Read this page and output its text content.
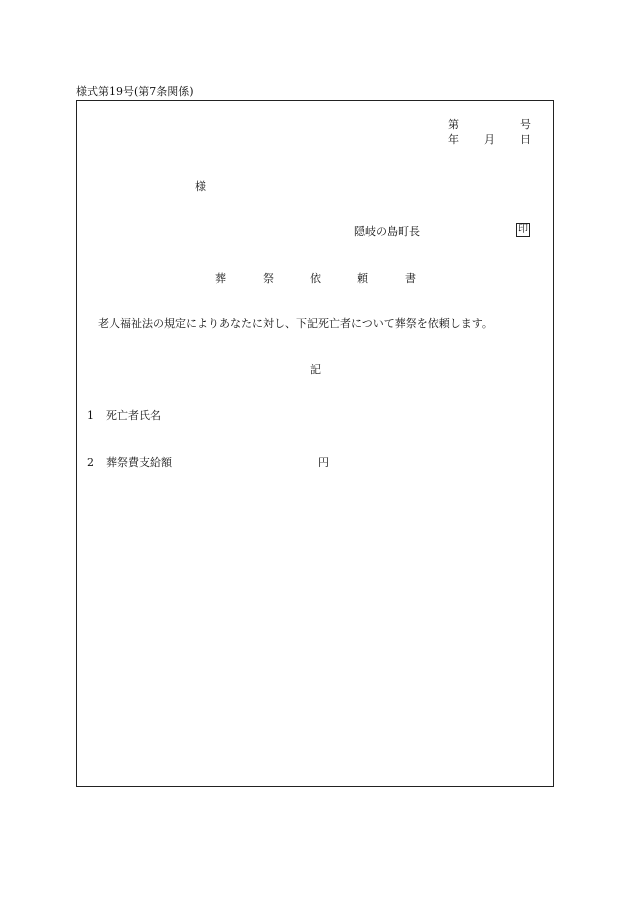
様式第19号(第7条関係)
第	号
年 月 日
様
隠岐の島町長	印
葬	祭	依	頼	書
老人福祉法の規定によりあなたに対し、下記死亡者について葬祭を依頼します。
記
1 死亡者氏名
2 葬祭費支給額	円
